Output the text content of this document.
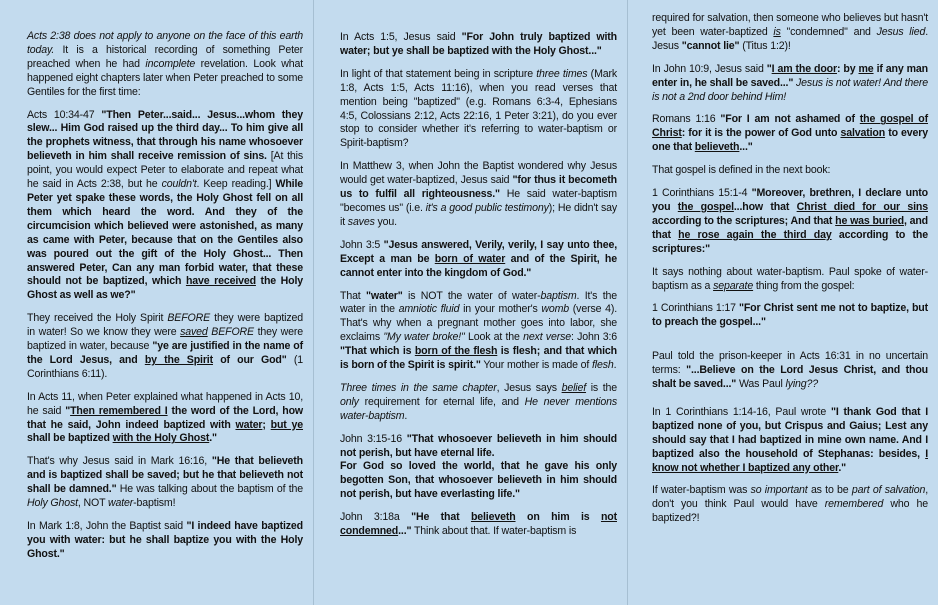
Acts 2:38 does not apply to anyone on the face of this earth today. It is a historical recording of something Peter preached when he had incomplete revelation. Look what happened eight chapters later when Peter preached to some Gentiles for the first time:

Acts 10:34-47 "Then Peter...said... Jesus...whom they slew... Him God raised up the third day... To him give all the prophets witness, that through his name whosoever believeth in him shall receive remission of sins. [At this point, you would expect Peter to elaborate and repeat what he said in Acts 2:38, but he couldn't. Keep reading.] While Peter yet spake these words, the Holy Ghost fell on all them which heard the word. And they of the circumcision which believed were astonished, as many as came with Peter, because that on the Gentiles also was poured out the gift of the Holy Ghost... Then answered Peter, Can any man forbid water, that these should not be baptized, which have received the Holy Ghost as well as we?"

They received the Holy Spirit BEFORE they were baptized in water! So we know they were saved BEFORE they were baptized in water, because "ye are justified in the name of the Lord Jesus, and by the Spirit of our God" (1 Corinthians 6:11).

In Acts 11, when Peter explained what happened in Acts 10, he said "Then remembered I the word of the Lord, how that he said, John indeed baptized with water; but ye shall be baptized with the Holy Ghost."

That's why Jesus said in Mark 16:16, "He that believeth and is baptized shall be saved; but he that believeth not shall be damned." He was talking about the baptism of the Holy Ghost, NOT water-baptism!

In Mark 1:8, John the Baptist said "I indeed have baptized you with water: but he shall baptize you with the Holy Ghost."

In Acts 1:5, Jesus said "For John truly baptized with water; but ye shall be baptized with the Holy Ghost..."

In light of that statement being in scripture three times (Mark 1:8, Acts 1:5, Acts 11:16), when you read verses that mention being "baptized" (e.g. Romans 6:3-4, Ephesians 4:5, Colossians 2:12, Acts 22:16, 1 Peter 3:21), do you ever stop to consider whether it's referring to water-baptism or Spirit-baptism?

In Matthew 3, when John the Baptist wondered why Jesus would get water-baptized, Jesus said "for thus it becometh us to fulfil all righteousness." He said water-baptism "becomes us" (i.e. it's a good public testimony); He didn't say it saves you.

John 3:5 "Jesus answered, Verily, verily, I say unto thee, Except a man be born of water and of the Spirit, he cannot enter into the kingdom of God."

That "water" is NOT the water of water-baptism. It's the water in the amniotic fluid in your mother's womb (verse 4). That's why when a pregnant mother goes into labor, she exclaims "My water broke!" Look at the next verse: John 3:6 "That which is born of the flesh is flesh; and that which is born of the Spirit is spirit." Your mother is made of flesh.

Three times in the same chapter, Jesus says belief is the only requirement for eternal life, and He never mentions water-baptism.

John 3:15-16 "That whosoever believeth in him should not perish, but have eternal life.
For God so loved the world, that he gave his only begotten Son, that whosoever believeth in him should not perish, but have everlasting life."

John 3:18a "He that believeth on him is not condemned..." Think about that. If water-baptism is

required for salvation, then someone who believes but hasn't yet been water-baptized is "condemned" and Jesus lied. Jesus "cannot lie" (Titus 1:2)!

In John 10:9, Jesus said "I am the door: by me if any man enter in, he shall be saved..." Jesus is not water! And there is not a 2nd door behind Him!

Romans 1:16 "For I am not ashamed of the gospel of Christ: for it is the power of God unto salvation to every one that believeth..."

That gospel is defined in the next book:

1 Corinthians 15:1-4 "Moreover, brethren, I declare unto you the gospel...how that Christ died for our sins according to the scriptures; And that he was buried, and that he rose again the third day according to the scriptures:"

It says nothing about water-baptism. Paul spoke of water-baptism as a separate thing from the gospel:

1 Corinthians 1:17 "For Christ sent me not to baptize, but to preach the gospel..."

Paul told the prison-keeper in Acts 16:31 in no uncertain terms: "...Believe on the Lord Jesus Christ, and thou shalt be saved..." Was Paul lying??

In 1 Corinthians 1:14-16, Paul wrote "I thank God that I baptized none of you, but Crispus and Gaius; Lest any should say that I had baptized in mine own name. And I baptized also the household of Stephanas: besides, I know not whether I baptized any other."

If water-baptism was so important as to be part of salvation, don't you think Paul would have remembered who he baptized?!
